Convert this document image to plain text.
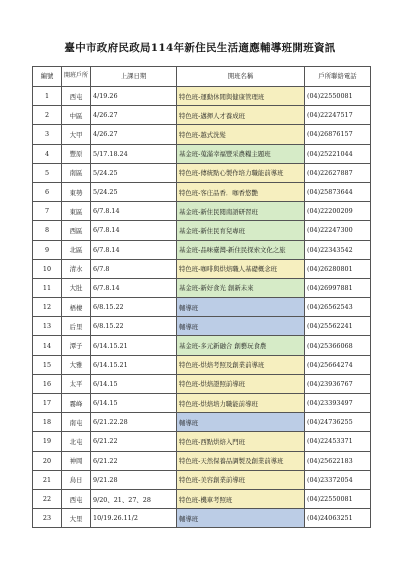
臺中市政府民政局114年新住民生活適應輔導班開班資訊
編號	開班戶所	上課日期	開班名稱	戶所聯絡電話
1	西屯	4/19.26	特色班-運動休閒與健康管理班	(04)22550081
2	中區	4/26.27	特色班-邁揮人才養成班	(04)22247517
3	大甲	4/26.27	特色班-越式洗髮	(04)26876157
4	豐原	5/17.18.24	基金班-蒐滿幸福豐采農糧主題班	(04)25221044
5	南區	5/24.25	特色班-傳統點心製作培力職能前導班	(04)22627887
6	東勢	5/24.25	特色班-客庄品香．咖香悠艷	(04)25873644
7	東區	6/7.8.14	基金班-新住民閱南語研習班	(04)22200209
8	西區	6/7.8.14	基金班-新住民育兒專班	(04)22247300
9	北區	6/7.8.14	基金班-品味臺灣-新住民探索文化之旅	(04)22343542
10	清水	6/7.8	特色班-咖啡與烘焙職人基礎概念班	(04)26280801
11	大肚	6/7.8.14	基金班-新好食光 創新未來	(04)26997881
12	梧棲	6/8.15.22	輔導班	(04)26562543
13	后里	6/8.15.22	輔導班	(04)25562241
14	潭子	6/14.15.21	基金班-多元新融合 創藝玩食農	(04)25366068
15	大雅	6/14.15.21	特色班-烘焙考照及創業前導班	(04)25664274
16	太平	6/14.15	特色班-烘焙證照前導班	(04)23936767
17	霧峰	6/14.15	特色班-烘焙培力職能前導班	(04)23393497
18	南屯	6/21.22.28	輔導班	(04)24736255
19	北屯	6/21.22	特色班-西點烘焙入門班	(04)22453371
20	神岡	6/21.22	特色班-天然保養品調製及創業前導班	(04)25622183
21	烏日	9/21.28	特色班-美容創業前導班	(04)23372054
22	西屯	9/20、21、27、28	特色班-機車考照班	(04)22550081
23	大里	10/19.26.11/2	輔導班	(04)24063251
